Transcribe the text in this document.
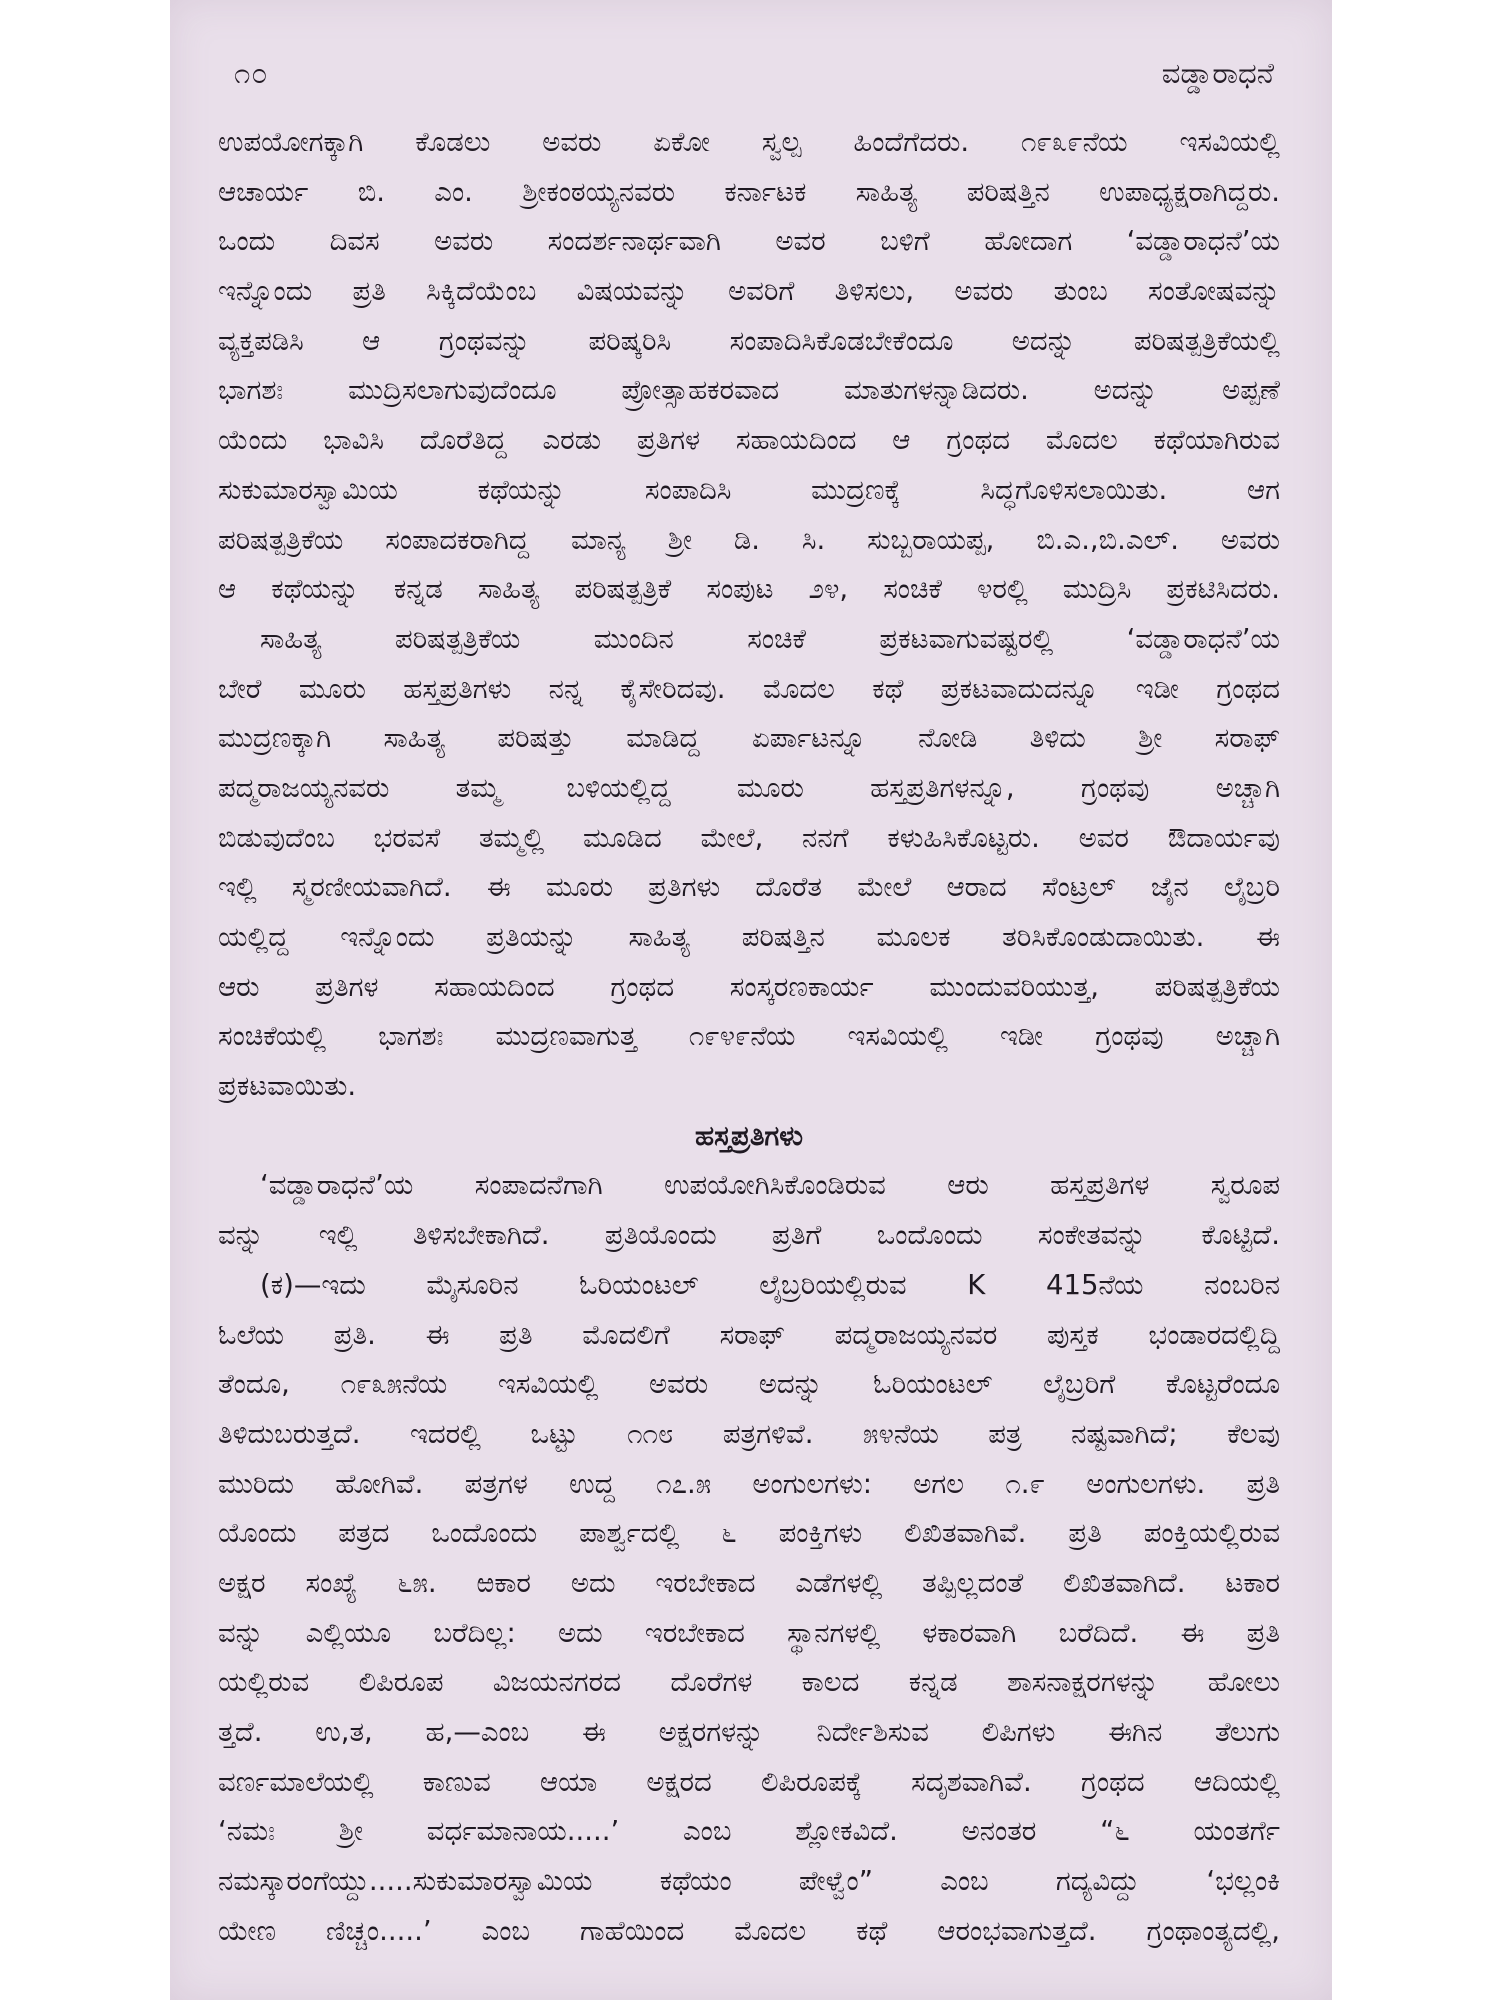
೧೦	ವಡ್ಡಾರಾಧನೆ
ಉಪಯೋಗಕ್ಕಾಗಿ ಕೊಡಲು ಅವರು ಏಕೋ ಸ್ವಲ್ಪ ಹಿಂದೆಗೆದರು. ೧೯೩೯ನೆಯ ಇಸವಿಯಲ್ಲಿ
ಆಚಾರ್ಯ ಬಿ. ಎಂ. ಶ್ರೀಕಂಠಯ್ಯನವರು ಕರ್ನಾಟಕ ಸಾಹಿತ್ಯ ಪರಿಷತ್ತಿನ ಉಪಾಧ್ಯಕ್ಷರಾಗಿದ್ದರು.
ಒಂದು ದಿವಸ ಅವರು ಸಂದರ್ಶನಾರ್ಥವಾಗಿ ಅವರ ಬಳಿಗೆ ಹೋದಾಗ ‘ವಡ್ಡಾರಾಧನೆ’ಯ
ಇನ್ನೊಂದು ಪ್ರತಿ ಸಿಕ್ಕಿದೆಯೆಂಬ ವಿಷಯವನ್ನು ಅವರಿಗೆ ತಿಳಿಸಲು, ಅವರು ತುಂಬ ಸಂತೋಷವನ್ನು
ವ್ಯಕ್ತಪಡಿಸಿ ಆ ಗ್ರಂಥವನ್ನು ಪರಿಷ್ಕರಿಸಿ ಸಂಪಾದಿಸಿಕೊಡಬೇಕೆಂದೂ ಅದನ್ನು ಪರಿಷತ್ಪತ್ರಿಕೆಯಲ್ಲಿ
ಭಾಗಶಃ ಮುದ್ರಿಸಲಾಗುವುದೆಂದೂ ಪ್ರೋತ್ಸಾಹಕರವಾದ ಮಾತುಗಳನ್ನಾಡಿದರು. ಅದನ್ನು ಅಪ್ಪಣೆ
ಯೆಂದು ಭಾವಿಸಿ ದೊರೆತಿದ್ದ ಎರಡು ಪ್ರತಿಗಳ ಸಹಾಯದಿಂದ ಆ ಗ್ರಂಥದ ಮೊದಲ ಕಥೆಯಾಗಿರುವ
ಸುಕುಮಾರಸ್ವಾಮಿಯ ಕಥೆಯನ್ನು ಸಂಪಾದಿಸಿ ಮುದ್ರಣಕ್ಕೆ ಸಿದ್ಧಗೊಳಿಸಲಾಯಿತು. ಆಗ
ಪರಿಷತ್ಪತ್ರಿಕೆಯ ಸಂಪಾದಕರಾಗಿದ್ದ ಮಾನ್ಯ ಶ್ರೀ ಡಿ. ಸಿ. ಸುಬ್ಬರಾಯಪ್ಪ, ಬಿ.ಎ.,ಬಿ.ಎಲ್. ಅವರು
ಆ ಕಥೆಯನ್ನು ಕನ್ನಡ ಸಾಹಿತ್ಯ ಪರಿಷತ್ಪತ್ರಿಕೆ ಸಂಪುಟ ೨೪, ಸಂಚಿಕೆ ೪ರಲ್ಲಿ ಮುದ್ರಿಸಿ ಪ್ರಕಟಿಸಿದರು.
ಸಾಹಿತ್ಯ ಪರಿಷತ್ಪತ್ರಿಕೆಯ ಮುಂದಿನ ಸಂಚಿಕೆ ಪ್ರಕಟವಾಗುವಷ್ಟರಲ್ಲಿ ‘ವಡ್ಡಾರಾಧನೆ’ಯ
ಬೇರೆ ಮೂರು ಹಸ್ತಪ್ರತಿಗಳು ನನ್ನ ಕೈಸೇರಿದವು. ಮೊದಲ ಕಥೆ ಪ್ರಕಟವಾದುದನ್ನೂ ಇಡೀ ಗ್ರಂಥದ
ಮುದ್ರಣಕ್ಕಾಗಿ ಸಾಹಿತ್ಯ ಪರಿಷತ್ತು ಮಾಡಿದ್ದ ಏರ್ಪಾಟನ್ನೂ ನೋಡಿ ತಿಳಿದು ಶ್ರೀ ಸರಾಫ್
ಪದ್ಮರಾಜಯ್ಯನವರು ತಮ್ಮ ಬಳಿಯಲ್ಲಿದ್ದ ಮೂರು ಹಸ್ತಪ್ರತಿಗಳನ್ನೂ, ಗ್ರಂಥವು ಅಚ್ಚಾಗಿ
ಬಿಡುವುದೆಂಬ ಭರವಸೆ ತಮ್ಮಲ್ಲಿ ಮೂಡಿದ ಮೇಲೆ, ನನಗೆ ಕಳುಹಿಸಿಕೊಟ್ಟರು. ಅವರ ಔದಾರ್ಯವು
ಇಲ್ಲಿ ಸ್ಮರಣೀಯವಾಗಿದೆ. ಈ ಮೂರು ಪ್ರತಿಗಳು ದೊರೆತ ಮೇಲೆ ಆರಾದ ಸೆಂಟ್ರಲ್ ಜೈನ ಲೈಬ್ರರಿ
ಯಲ್ಲಿದ್ದ ಇನ್ನೊಂದು ಪ್ರತಿಯನ್ನು ಸಾಹಿತ್ಯ ಪರಿಷತ್ತಿನ ಮೂಲಕ ತರಿಸಿಕೊಂಡುದಾಯಿತು. ಈ
ಆರು ಪ್ರತಿಗಳ ಸಹಾಯದಿಂದ ಗ್ರಂಥದ ಸಂಸ್ಕರಣಕಾರ್ಯ ಮುಂದುವರಿಯುತ್ತ, ಪರಿಷತ್ಪತ್ರಿಕೆಯ
ಸಂಚಿಕೆಯಲ್ಲಿ ಭಾಗಶಃ ಮುದ್ರಣವಾಗುತ್ತ ೧೯೪೯ನೆಯ ಇಸವಿಯಲ್ಲಿ ಇಡೀ ಗ್ರಂಥವು ಅಚ್ಚಾಗಿ
ಪ್ರಕಟವಾಯಿತು.
ಹಸ್ತಪ್ರತಿಗಳು
‘ವಡ್ಡಾರಾಧನೆ’ಯ ಸಂಪಾದನೆಗಾಗಿ ಉಪಯೋಗಿಸಿಕೊಂಡಿರುವ ಆರು ಹಸ್ತಪ್ರತಿಗಳ ಸ್ವರೂಪ
ವನ್ನು ಇಲ್ಲಿ ತಿಳಿಸಬೇಕಾಗಿದೆ. ಪ್ರತಿಯೊಂದು ಪ್ರತಿಗೆ ಒಂದೊಂದು ಸಂಕೇತವನ್ನು ಕೊಟ್ಟಿದೆ.
(ಕ)—ಇದು ಮೈಸೂರಿನ ಓರಿಯಂಟಲ್ ಲೈಬ್ರರಿಯಲ್ಲಿರುವ K 415ನೆಯ ನಂಬರಿನ
ಓಲೆಯ ಪ್ರತಿ. ಈ ಪ್ರತಿ ಮೊದಲಿಗೆ ಸರಾಫ್ ಪದ್ಮರಾಜಯ್ಯನವರ ಪುಸ್ತಕ ಭಂಡಾರದಲ್ಲಿದ್ದಿ
ತೆಂದೂ, ೧೯೩೫ನೆಯ ಇಸವಿಯಲ್ಲಿ ಅವರು ಅದನ್ನು ಓರಿಯಂಟಲ್ ಲೈಬ್ರರಿಗೆ ಕೊಟ್ಟರೆಂದೂ
ತಿಳಿದುಬರುತ್ತದೆ. ಇದರಲ್ಲಿ ಒಟ್ಟು ೧೧೮ ಪತ್ರಗಳಿವೆ. ೫೪ನೆಯ ಪತ್ರ ನಷ್ಟವಾಗಿದೆ; ಕೆಲವು
ಮುರಿದು ಹೋಗಿವೆ. ಪತ್ರಗಳ ಉದ್ದ ೧೭.೫ ಅಂಗುಲಗಳು: ಅಗಲ ೧.೯ ಅಂಗುಲಗಳು. ಪ್ರತಿ
ಯೊಂದು ಪತ್ರದ ಒಂದೊಂದು ಪಾರ್ಶ್ವದಲ್ಲಿ ೬ ಪಂಕ್ತಿಗಳು ಲಿಖಿತವಾಗಿವೆ. ಪ್ರತಿ ಪಂಕ್ತಿಯಲ್ಲಿರುವ
ಅಕ್ಷರ ಸಂಖ್ಯೆ ೬೫. ಱಕಾರ ಅದು ಇರಬೇಕಾದ ಎಡೆಗಳಲ್ಲಿ ತಪ್ಪಿಲ್ಲದಂತೆ ಲಿಖಿತವಾಗಿದೆ. ಟಕಾರ
ವನ್ನು ಎಲ್ಲಿಯೂ ಬರೆದಿಲ್ಲ: ಅದು ಇರಬೇಕಾದ ಸ್ಥಾನಗಳಲ್ಲಿ ಳಕಾರವಾಗಿ ಬರೆದಿದೆ. ಈ ಪ್ರತಿ
ಯಲ್ಲಿರುವ ಲಿಪಿರೂಪ ವಿಜಯನಗರದ ದೊರೆಗಳ ಕಾಲದ ಕನ್ನಡ ಶಾಸನಾಕ್ಷರಗಳನ್ನು ಹೋಲು
ತ್ತದೆ. ಉ,ತ, ಹ,—ಎಂಬ ಈ ಅಕ್ಷರಗಳನ್ನು ನಿರ್ದೇಶಿಸುವ ಲಿಪಿಗಳು ಈಗಿನ ತೆಲುಗು
ವರ್ಣಮಾಲೆಯಲ್ಲಿ ಕಾಣುವ ಆಯಾ ಅಕ್ಷರದ ಲಿಪಿರೂಪಕ್ಕೆ ಸದೃಶವಾಗಿವೆ. ಗ್ರಂಥದ ಆದಿಯಲ್ಲಿ
‘ನಮಃ ಶ್ರೀ ವರ್ಧಮಾನಾಯ.....’ ಎಂಬ ಶ್ಲೋಕವಿದೆ. ಅನಂತರ “೬ ಯಂತರ್ಗೆ
ನಮಸ್ಕಾರಂಗೆಯ್ದು.....ಸುಕುಮಾರಸ್ವಾಮಿಯ ಕಥೆಯಂ ಪೇಳ್ವೆಂ” ಎಂಬ ಗದ್ಯವಿದ್ದು ‘ಭಲ್ಲಂಕಿ
ಯೇಣ ಣಿಚ್ಚಂ.....’ ಎಂಬ ಗಾಹೆಯಿಂದ ಮೊದಲ ಕಥೆ ಆರಂಭವಾಗುತ್ತದೆ. ಗ್ರಂಥಾಂತ್ಯದಲ್ಲಿ,
